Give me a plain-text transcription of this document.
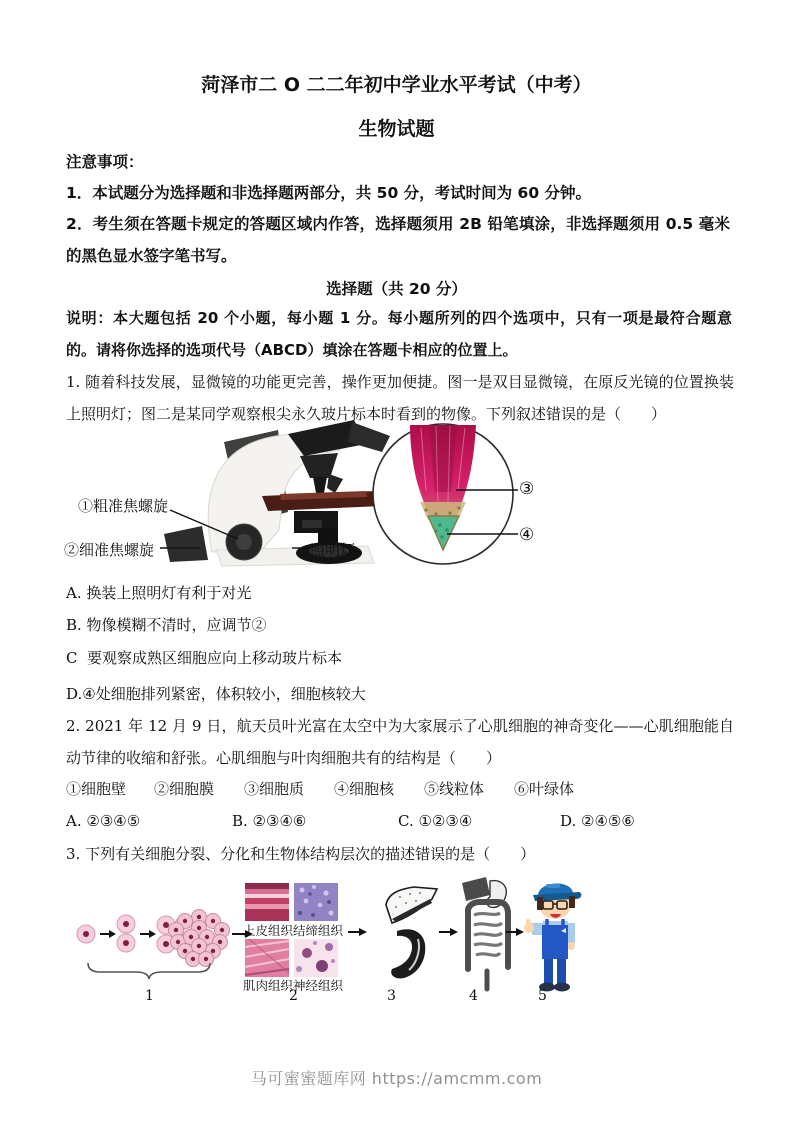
菏泽市二 O 二二年初中学业水平考试（中考）
生物试题
注意事项：
1．本试题分为选择题和非选择题两部分，共 50 分，考试时间为 60 分钟。
2．考生须在答题卡规定的答题区域内作答，选择题须用 2B 铅笔填涂，非选择题须用 0.5 毫米的黑色显水签字笔书写。
选择题（共 20 分）
说明：本大题包括 20 个小题，每小题 1 分。每小题所列的四个选项中，只有一项是最符合题意的。请将你选择的选项代号（ABCD）填涂在答题卡相应的位置上。
1. 随着科技发展，显微镜的功能更完善，操作更加便捷。图一是双目显微镜，在原反光镜的位置换装上照明灯；图二是某同学观察根尖永久玻片标本时看到的物像。下列叙述错误的是（　　）
①粗准焦螺旋
②细准焦螺旋	照明灯
③
④
A. 换装上照明灯有利于对光
B. 物像模糊不清时，应调节②
C  要观察成熟区细胞应向上移动玻片标本
D.④处细胞排列紧密，体积较小，细胞核较大
2. 2021 年 12 月 9 日，航天员叶光富在太空中为大家展示了心肌细胞的神奇变化——心肌细胞能自动节律的收缩和舒张。心肌细胞与叶肉细胞共有的结构是（　　）
①细胞壁 ②细胞膜 ③细胞质 ④细胞核 ⑤线粒体 ⑥叶绿体
A. ②③④⑤	B. ②③④⑥	C. ①②③④	D. ②④⑤⑥
3. 下列有关细胞分裂、分化和生物体结构层次的描述错误的是（　　）
上皮组织 结缔组织
肌肉组织 神经组织
1	2	3	4	5
马可蜜蜜题库网 https://amcmm.com
